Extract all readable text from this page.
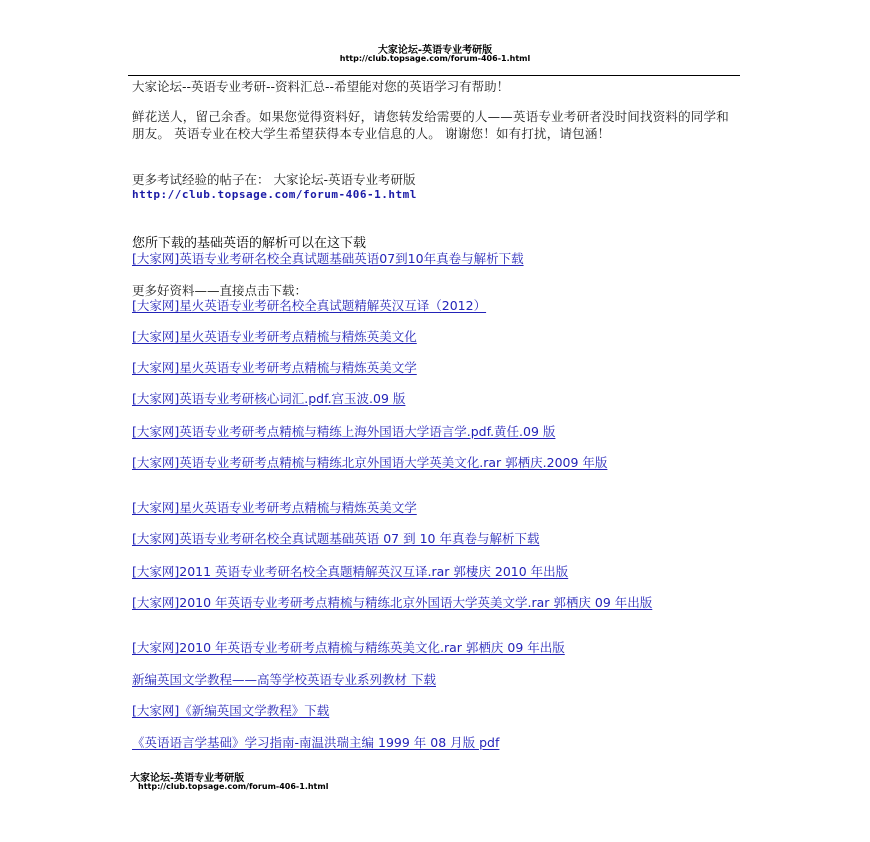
大家论坛-英语专业考研版
http://club.topsage.com/forum-406-1.html
大家论坛--英语专业考研--资料汇总--希望能对您的英语学习有帮助！
鲜花送人，留己余香。如果您觉得资料好，请您转发给需要的人——英语专业考研者没时间找资料的同学和朋友。 英语专业在校大学生希望获得本专业信息的人。 谢谢您！如有打扰，请包涵！
更多考试经验的帖子在： 大家论坛-英语专业考研版
http://club.topsage.com/forum-406-1.html
您所下载的基础英语的解析可以在这下载
[大家网]英语专业考研名校全真试题基础英语07到10年真卷与解析下载
更多好资料——直接点击下载：
[大家网]星火英语专业考研名校全真试题精解英汉互译（2012）
[大家网]星火英语专业考研考点精梳与精炼英美文化
[大家网]星火英语专业考研考点精梳与精炼英美文学
[大家网]英语专业考研核心词汇.pdf.宫玉波.09 版
[大家网]英语专业考研考点精梳与精练上海外国语大学语言学.pdf.黄任.09 版
[大家网]英语专业考研考点精梳与精练北京外国语大学英美文化.rar 郭栖庆.2009 年版
[大家网]星火英语专业考研考点精梳与精炼英美文学
[大家网]英语专业考研名校全真试题基础英语 07 到 10 年真卷与解析下载
[大家网]2011 英语专业考研名校全真题精解英汉互译.rar 郭棲庆 2010 年出版
[大家网]2010 年英语专业考研考点精梳与精练北京外国语大学英美文学.rar 郭栖庆 09 年出版
[大家网]2010 年英语专业考研考点精梳与精练英美文化.rar 郭栖庆 09 年出版
新编英国文学教程——高等学校英语专业系列教材 下载
[大家网]《新编英国文学教程》下载
《英语语言学基础》学习指南-南温洪瑞主编 1999 年 08 月版 pdf
大家论坛-英语专业考研版
http://club.topsage.com/forum-406-1.html
